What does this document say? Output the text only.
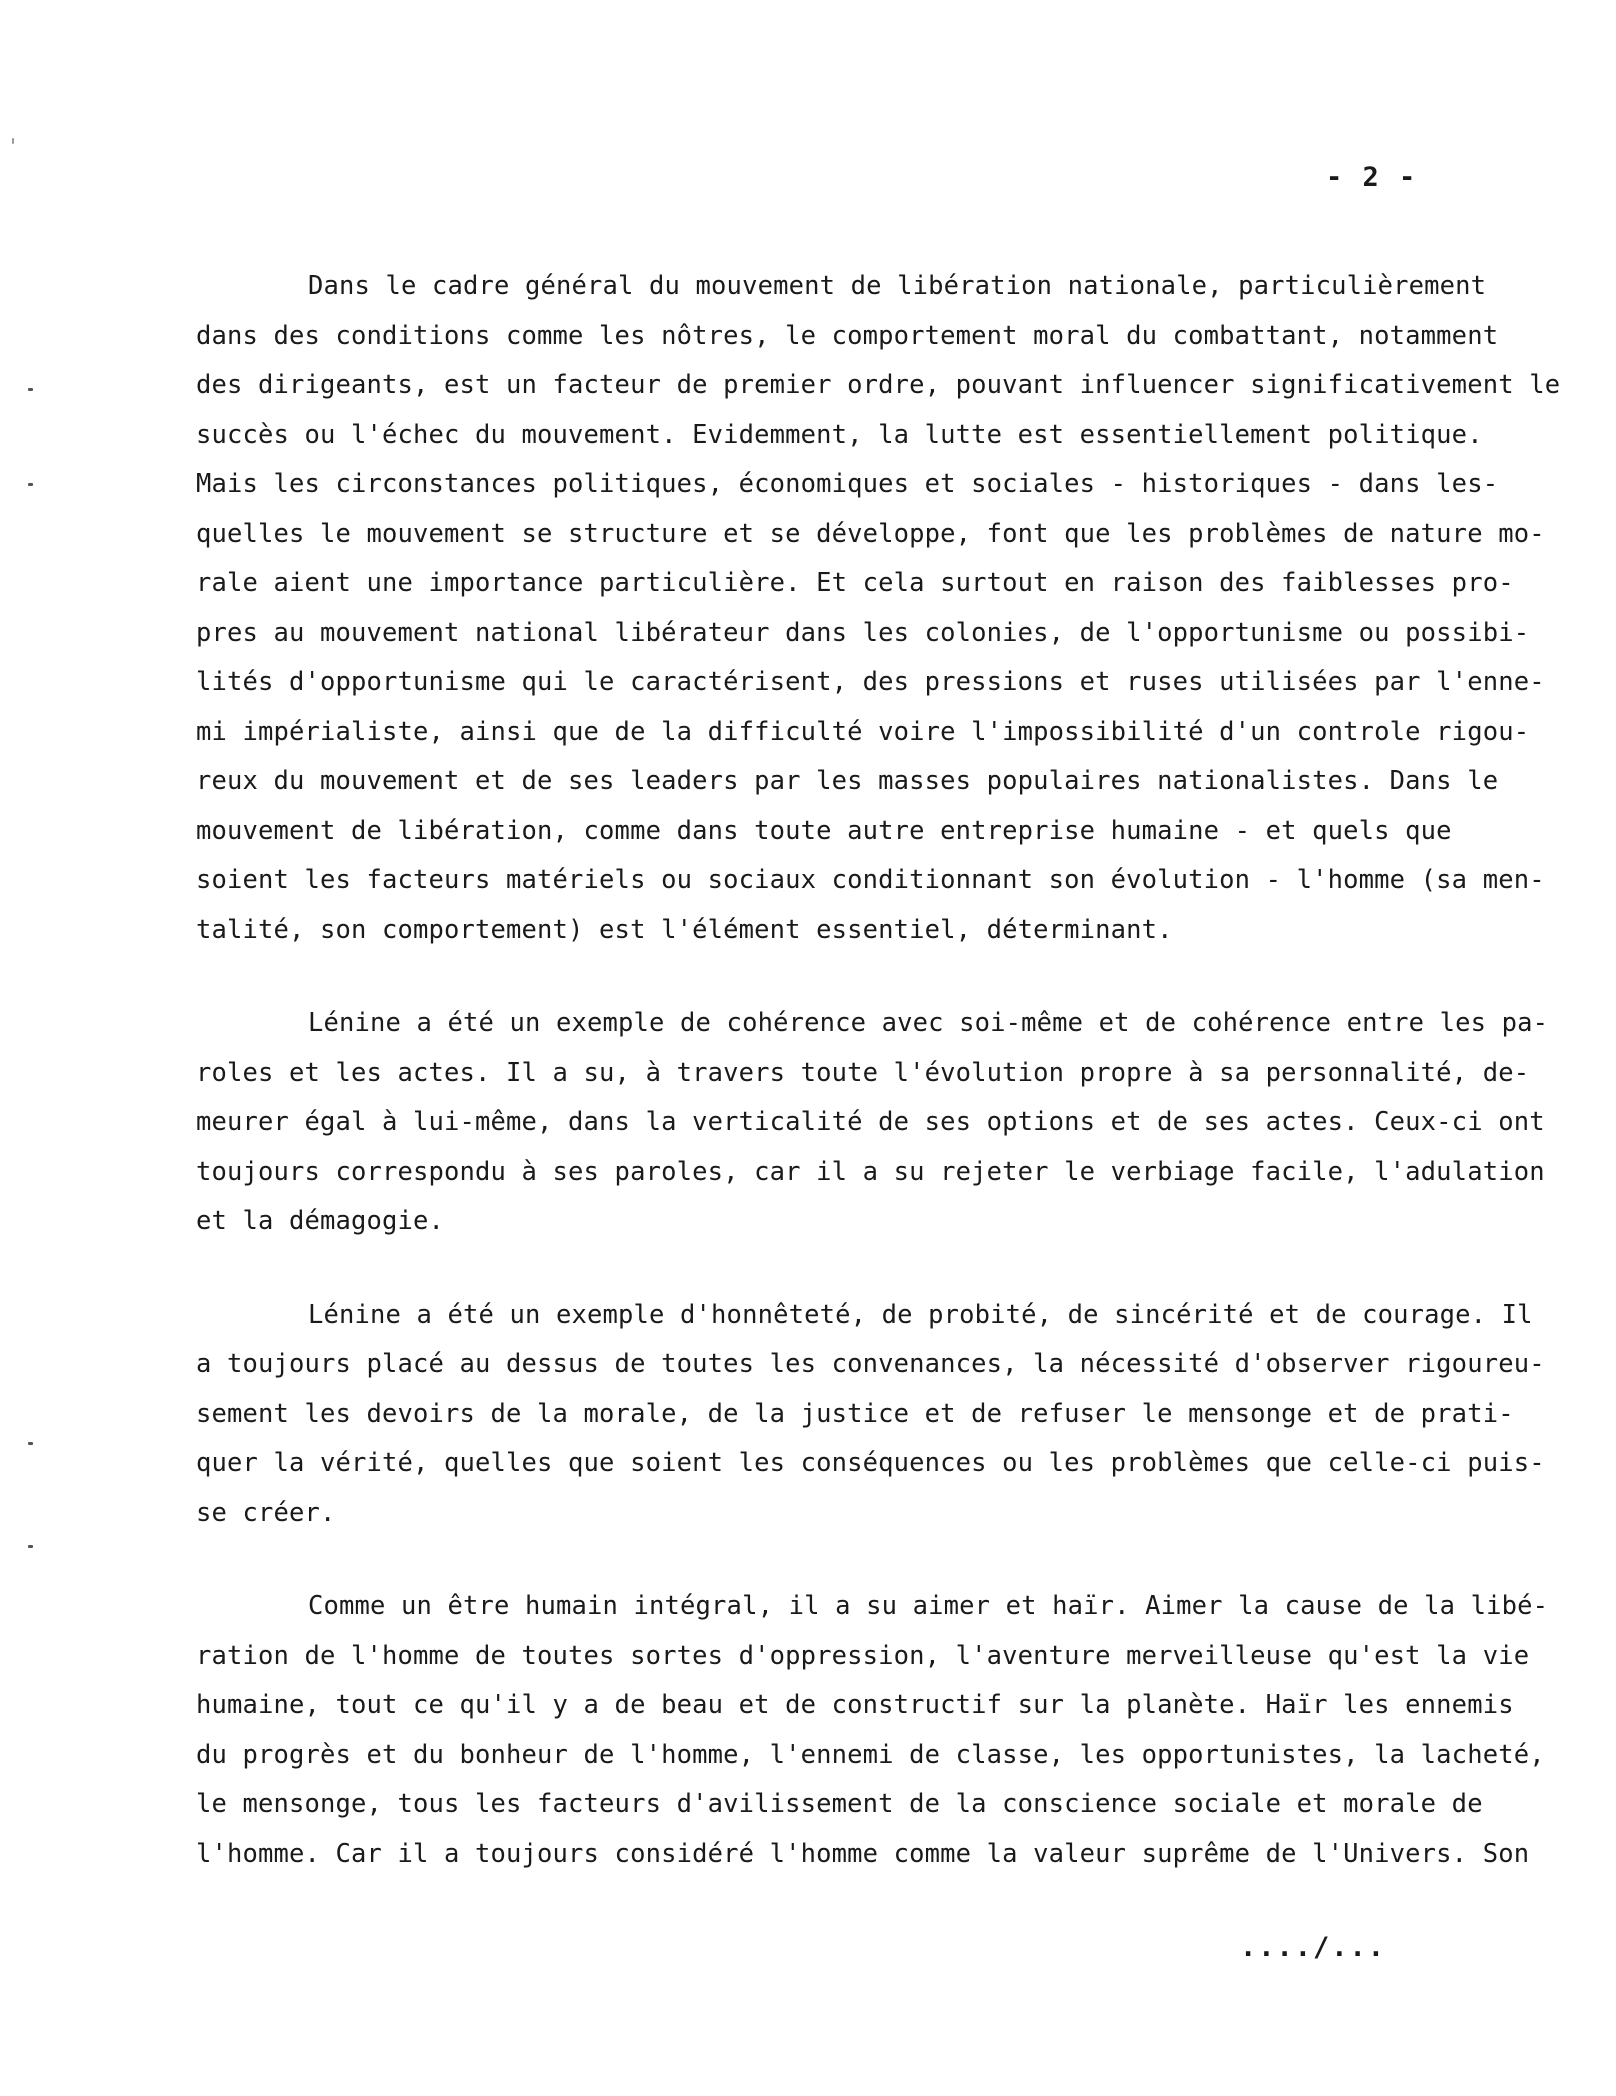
- 2 -

Dans le cadre général du mouvement de libération nationale, particulièrement
dans des conditions comme les nôtres, le comportement moral du combattant, notamment
des dirigeants, est un facteur de premier ordre, pouvant influencer significativement le
succès ou l'échec du mouvement. Evidemment, la lutte est essentiellement politique.
Mais les circonstances politiques, économiques et sociales - historiques - dans les-
quelles le mouvement se structure et se développe, font que les problèmes de nature mo-
rale aient une importance particulière. Et cela surtout en raison des faiblesses pro-
pres au mouvement national libérateur dans les colonies, de l'opportunisme ou possibi-
lités d'opportunisme qui le caractérisent, des pressions et ruses utilisées par l'enne-
mi impérialiste, ainsi que de la difficulté voire l'impossibilité d'un controle rigou-
reux du mouvement et de ses leaders par les masses populaires nationalistes. Dans le
mouvement de libération, comme dans toute autre entreprise humaine - et quels que
soient les facteurs matériels ou sociaux conditionnant son évolution - l'homme (sa men-
talité, son comportement) est l'élément essentiel, déterminant.

Lénine a été un exemple de cohérence avec soi-même et de cohérence entre les pa-
roles et les actes. Il a su, à travers toute l'évolution propre à sa personnalité, de-
meurer égal à lui-même, dans la verticalité de ses options et de ses actes. Ceux-ci ont
toujours correspondu à ses paroles, car il a su rejeter le verbiage facile, l'adulation
et la démagogie.

Lénine a été un exemple d'honnêteté, de probité, de sincérité et de courage. Il
a toujours placé au dessus de toutes les convenances, la nécessité d'observer rigoureu-
sement les devoirs de la morale, de la justice et de refuser le mensonge et de prati-
quer la vérité, quelles que soient les conséquences ou les problèmes que celle-ci puis-
se créer.

Comme un être humain intégral, il a su aimer et haïr. Aimer la cause de la libé-
ration de l'homme de toutes sortes d'oppression, l'aventure merveilleuse qu'est la vie
humaine, tout ce qu'il y a de beau et de constructif sur la planète. Haïr les ennemis
du progrès et du bonheur de l'homme, l'ennemi de classe, les opportunistes, la lacheté,
le mensonge, tous les facteurs d'avilissement de la conscience sociale et morale de
l'homme. Car il a toujours considéré l'homme comme la valeur suprême de l'Univers. Son

..../...
